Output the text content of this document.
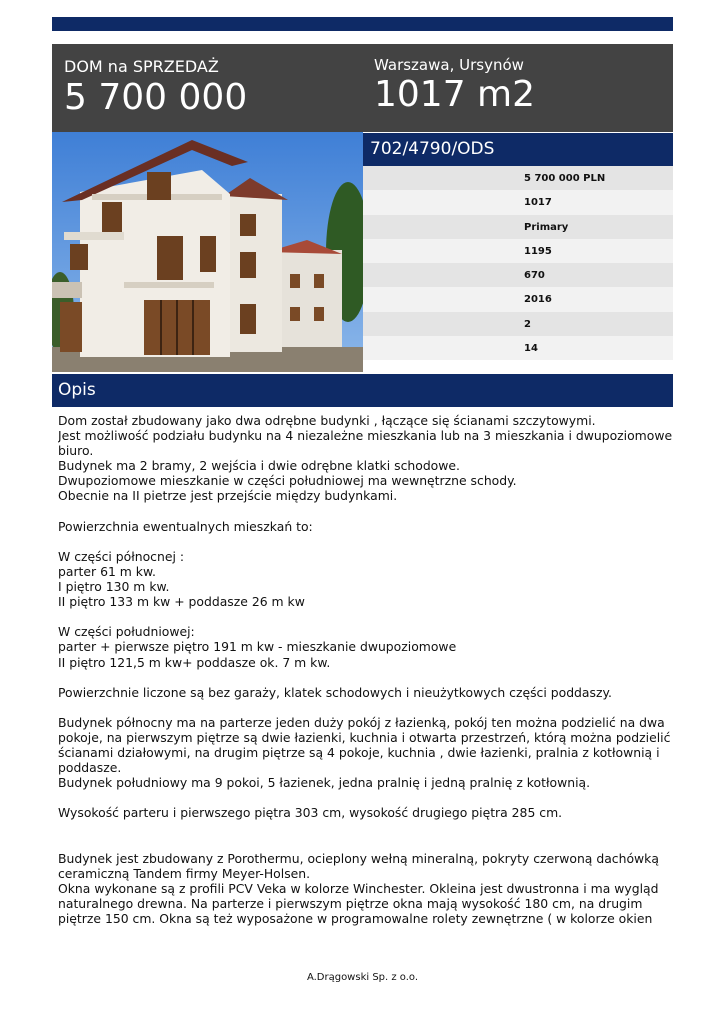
DOM na SPRZEDAŻ
5 700 000
Warszawa, Ursynów
1017 m2
702/4790/ODS
5 700 000 PLN
1017
Primary
1195
670
2016
2
14
Opis
Dom został zbudowany jako dwa odrębne budynki , łączące się ścianami szczytowymi.
Jest możliwość podziału budynku na 4 niezależne mieszkania lub na 3 mieszkania i dwupoziomowe
biuro.
Budynek ma 2 bramy, 2 wejścia i dwie odrębne klatki schodowe.
Dwupoziomowe mieszkanie w części południowej ma wewnętrzne schody.
Obecnie na II pietrze jest przejście między budynkami.

Powierzchnia ewentualnych mieszkań to:

W części północnej :
parter 61 m kw.
I piętro 130 m kw.
II piętro 133 m kw + poddasze 26 m kw

W części południowej:
parter + pierwsze piętro 191 m kw - mieszkanie dwupoziomowe
II piętro 121,5 m kw+ poddasze ok. 7 m kw.

Powierzchnie liczone są bez garaży, klatek schodowych i nieużytkowych części poddaszy.

Budynek północny ma na parterze jeden duży pokój z łazienką, pokój ten można podzielić na dwa
pokoje, na pierwszym piętrze są dwie łazienki, kuchnia i otwarta przestrzeń, którą można podzielić
ścianami działowymi, na drugim piętrze są 4 pokoje, kuchnia , dwie łazienki, pralnia z kotłownią i
poddasze.
Budynek południowy ma 9 pokoi, 5 łazienek, jedna pralnię i jedną pralnię z kotłownią.

Wysokość parteru i pierwszego piętra 303 cm, wysokość drugiego piętra 285 cm.

Budynek jest zbudowany z Porothermu, ocieplony wełną mineralną, pokryty czerwoną dachówką
ceramiczną Tandem firmy Meyer-Holsen.
Okna wykonane są z profili PCV Veka w kolorze Winchester. Okleina jest dwustronna i ma wygląd
naturalnego drewna. Na parterze i pierwszym piętrze okna mają wysokość 180 cm, na drugim
piętrze 150 cm. Okna są też wyposażone w programowalne rolety zewnętrzne ( w kolorze okien
A.Drągowski Sp. z o.o.
